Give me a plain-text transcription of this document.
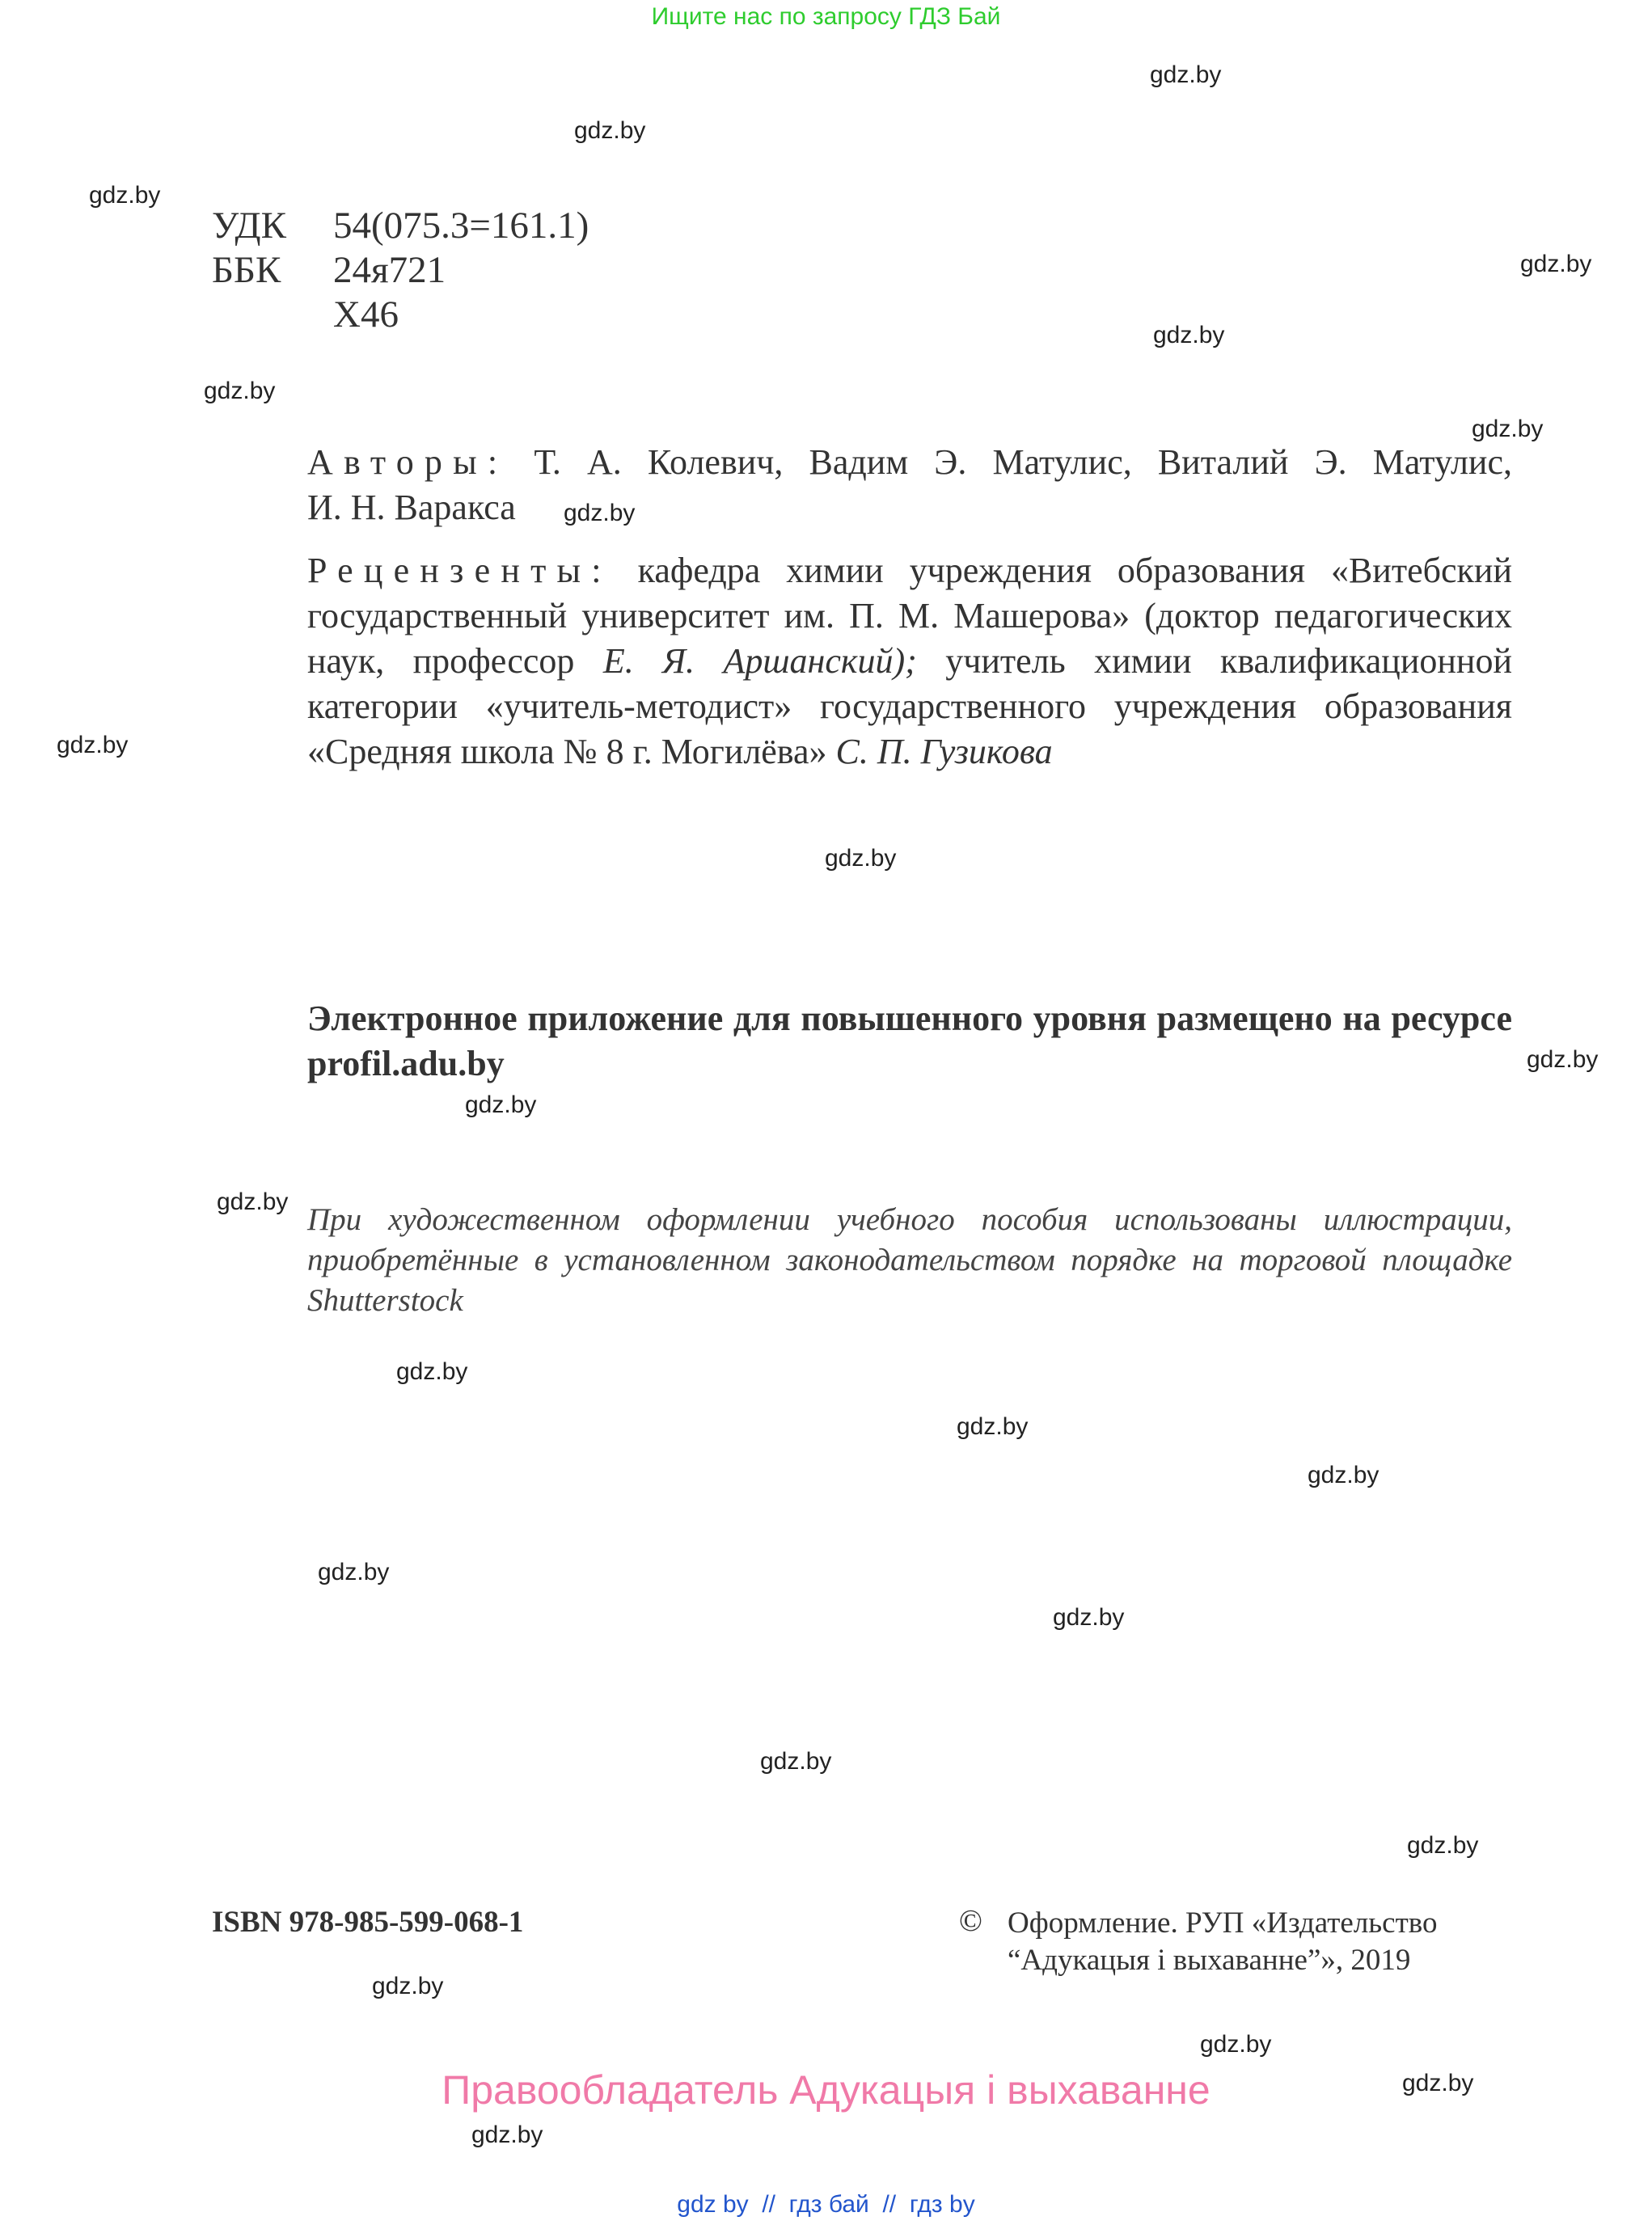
Ищите нас по запросу ГДЗ Бай
gdz.by
gdz.by
gdz.by
gdz.by
gdz.by
gdz.by
gdz.by
gdz.by
gdz.by
gdz.by
gdz.by
gdz.by
gdz.by
gdz.by
gdz.by
gdz.by
gdz.by
gdz.by
gdz.by
gdz.by
gdz.by
gdz.by
gdz.by
gdz.by
УДК 54(075.3=161.1)
ББК 24я721
Х46
Авторы: Т. А. Колевич, Вадим Э. Матулис, Виталий Э. Матулис,
И. Н. Варакса
Рецензенты: кафедра химии учреждения образования «Витебский государственный университет им. П. М. Машерова» (доктор педагогических наук, профессор Е. Я. Аршанский); учитель химии квалификационной категории «учитель-методист» государственного учреждения образования «Средняя школа № 8 г. Могилёва» С. П. Гузикова
Электронное приложение для повышенного уровня размещено на ресурсе profil.adu.by
При художественном оформлении учебного пособия использованы иллюстрации, приобретённые в установленном законодательством порядке на торговой площадке Shutterstock
ISBN 978-985-599-068-1	© Оформление. РУП «Издательство
“Адукацыя і выхаванне”», 2019
Правообладатель Адукацыя і выхаванне
gdz by  //  гдз бай  //  гдз by
